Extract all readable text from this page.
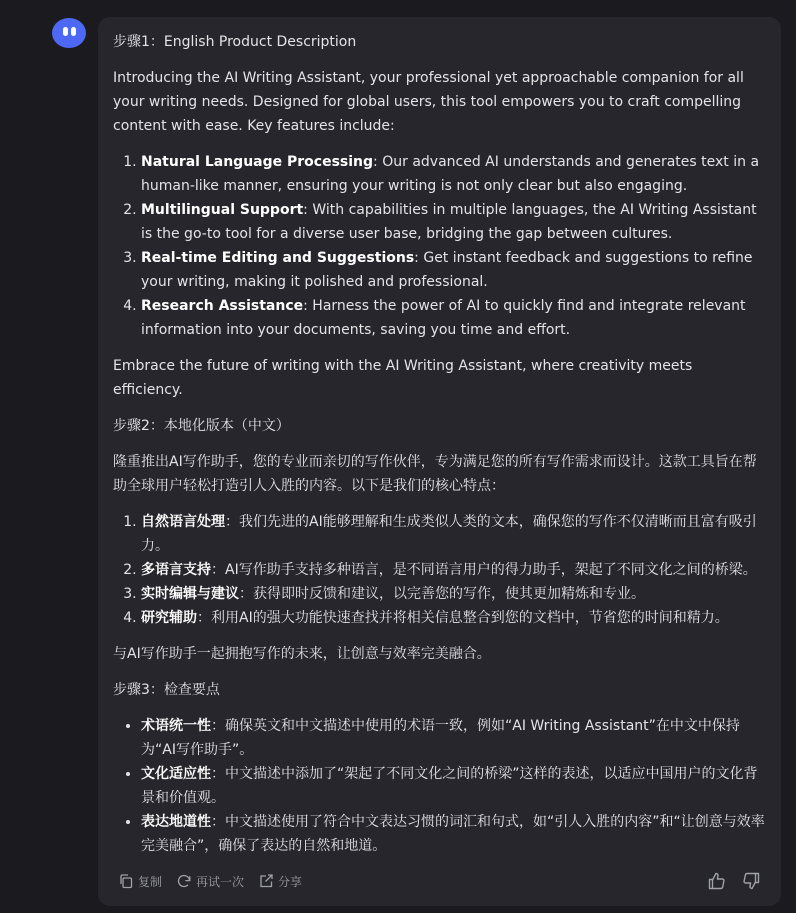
步骤1：English Product Description

Introducing the AI Writing Assistant, your professional yet approachable companion for all your writing needs. Designed for global users, this tool empowers you to craft compelling content with ease. Key features include:

1. Natural Language Processing: Our advanced AI understands and generates text in a human-like manner, ensuring your writing is not only clear but also engaging.
2. Multilingual Support: With capabilities in multiple languages, the AI Writing Assistant is the go-to tool for a diverse user base, bridging the gap between cultures.
3. Real-time Editing and Suggestions: Get instant feedback and suggestions to refine your writing, making it polished and professional.
4. Research Assistance: Harness the power of AI to quickly find and integrate relevant information into your documents, saving you time and effort.

Embrace the future of writing with the AI Writing Assistant, where creativity meets efficiency.

步骤2：本地化版本（中文）

隆重推出AI写作助手，您的专业而亲切的写作伙伴，专为满足您的所有写作需求而设计。这款工具旨在帮助全球用户轻松打造引人入胜的内容。以下是我们的核心特点：

1. 自然语言处理：我们先进的AI能够理解和生成类似人类的文本，确保您的写作不仅清晰而且富有吸引力。
2. 多语言支持：AI写作助手支持多种语言，是不同语言用户的得力助手，架起了不同文化之间的桥梁。
3. 实时编辑与建议：获得即时反馈和建议，以完善您的写作，使其更加精炼和专业。
4. 研究辅助：利用AI的强大功能快速查找并将相关信息整合到您的文档中，节省您的时间和精力。

与AI写作助手一起拥抱写作的未来，让创意与效率完美融合。

步骤3：检查要点

• 术语统一性：确保英文和中文描述中使用的术语一致，例如“AI Writing Assistant”在中文中保持为“AI写作助手”。
• 文化适应性：中文描述中添加了“架起了不同文化之间的桥梁”这样的表述，以适应中国用户的文化背景和价值观。
• 表达地道性：中文描述使用了符合中文表达习惯的词汇和句式，如“引人入胜的内容”和“让创意与效率完美融合”，确保了表达的自然和地道。
复制	再试一次	分享
